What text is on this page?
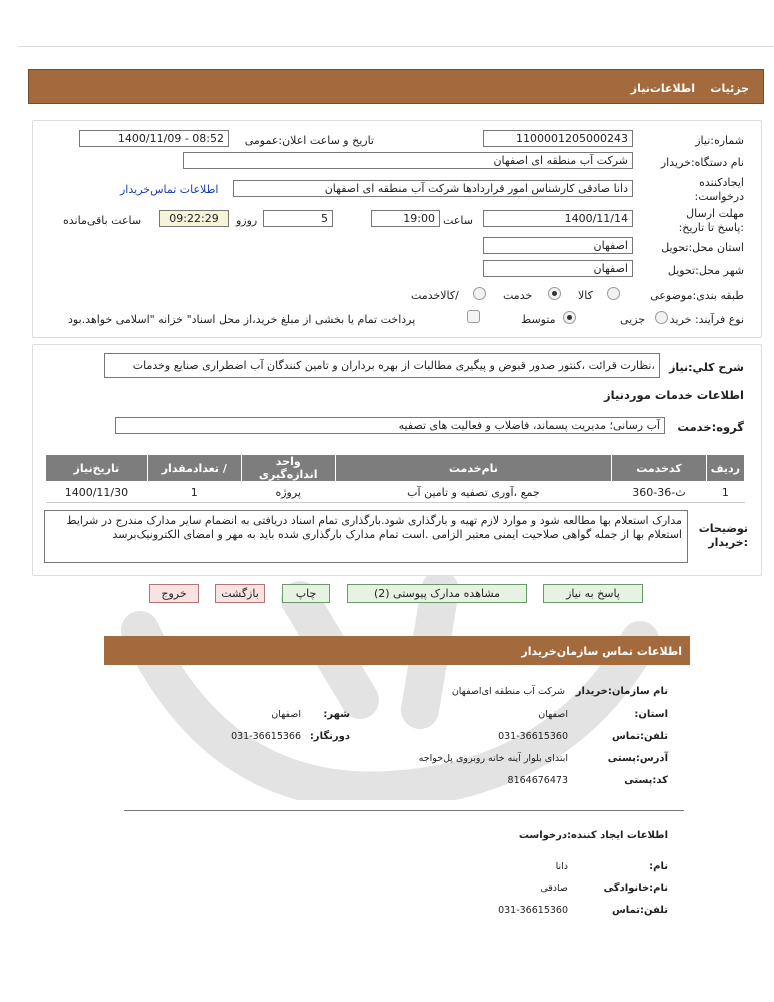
جزئیات
اطلاعات‌نیاز
شماره:نیاز
1100001205000243
تاریخ و ساعت اعلان:عمومی
1400/11/09 - 08:52
نام دستگاه:خریدار
شرکت آب منطقه ای اصفهان
ایجادکننده درخواست:
دانا صادقی کارشناس امور قراردادها شرکت آب منطقه ای اصفهان
اطلاعات تماس‌خریدار
مهلت ارسال :پاسخ تا تاریخ:
1400/11/14
ساعت
19:00
5
روزو
09:22:29
ساعت باقی‌مانده
استان محل:تحویل
اصفهان
شهر محل:تحویل
اصفهان
طبقه بندی:موضوعی
کالا
خدمت
/کالاخدمت
نوع فرآیند: خرید
جزیی
متوسط
پرداخت تمام یا بخشی از مبلغ خرید،از محل اسناد" خزانه "اسلامی خواهد.بود
شرح كلي:نياز
،نظارت قرائت ،کنتور صدور قبوض و پیگیری مطالبات از بهره برداران و تامین کنندگان آب اضطراری صنایع وخدمات
اطلاعات خدمات موردنیاز
گروه:خدمت
آب رسانی؛ مدیریت پسماند، فاضلاب و فعالیت های تصفیه
ردیف	کدخدمت	نام‌خدمت	واحد اندازه‌گیری	/ تعدادمقدار	تاریخ‌نیاز
1	ث-36-360	جمع ،آوری تصفیه و تامین آب	پروژه	1	1400/11/30
توضیحات :خریدار
مدارک استعلام بها مطالعه شود و موارد لازم تهیه و بارگذاری شود.بارگذاری تمام اسناد دریافتی به انضمام سایر مدارک مندرج در شرایط استعلام بها از جمله گواهی صلاحیت ایمنی معتبر الزامی .است تمام مدارک بارگذاری شده باید به مهر و امضای الکترونیک‌برسد
پاسخ به نیاز
مشاهده مدارک پیوستی (2)
چاپ
بازگشت
خروج
اطلاعات تماس سازمان‌خریدار
نام سازمان:خریدار
شرکت آب منطقه ای‌اصفهان
استان:
اصفهان
شهر:
اصفهان
تلفن:تماس
031-36615360
دورنگار:
031-36615366
آدرس:پستی
ابتدای بلوار آینه خانه روبروی پل‌خواجه
کد:پستی
8164676473
اطلاعات ایجاد کننده:درخواست
نام:
دانا
نام:خانوادگی
صادقی
تلفن:تماس
031-36615360
